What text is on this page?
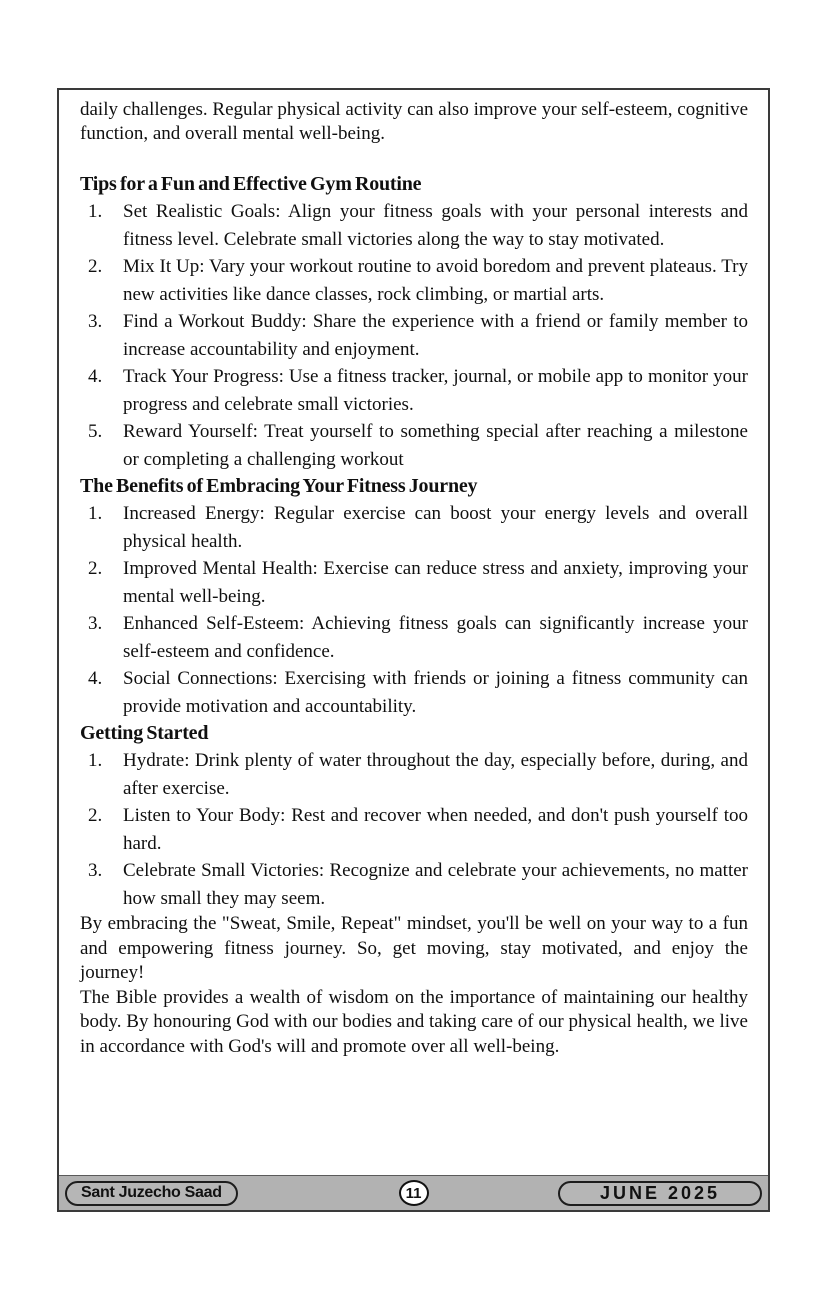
daily challenges. Regular physical activity can also improve your self-esteem, cognitive function, and overall mental well-being.

Tips for a Fun and Effective Gym Routine
1.	Set Realistic Goals: Align your fitness goals with your personal interests and fitness level. Celebrate small victories along the way to stay motivated.
2.	Mix It Up: Vary your workout routine to avoid boredom and prevent plateaus. Try new activities like dance classes, rock climbing, or martial arts.
3.	Find a Workout Buddy: Share the experience with a friend or family member to increase accountability and enjoyment.
4.	Track Your Progress: Use a fitness tracker, journal, or mobile app to monitor your progress and celebrate small victories.
5.	Reward Yourself: Treat yourself to something special after reaching a milestone or completing a challenging workout
The Benefits of Embracing Your Fitness Journey
1.	Increased Energy: Regular exercise can boost your energy levels and overall physical health.
2.	Improved Mental Health: Exercise can reduce stress and anxiety, improving your mental well-being.
3.	Enhanced Self-Esteem: Achieving fitness goals can significantly increase your self-esteem and confidence.
4.	Social Connections: Exercising with friends or joining a fitness community can provide motivation and accountability.
Getting Started
1.	Hydrate: Drink plenty of water throughout the day, especially before, during, and after exercise.
2.	Listen to Your Body: Rest and recover when needed, and don't push yourself too hard.
3.	Celebrate Small Victories: Recognize and celebrate your achievements, no matter how small they may seem.

By embracing the "Sweat, Smile, Repeat" mindset, you'll be well on your way to a fun and empowering fitness journey. So, get moving, stay motivated, and enjoy the journey!

The Bible provides a wealth of wisdom on the importance of maintaining our healthy body. By honouring God with our bodies and taking care of our physical health, we live in accordance with God's will and promote over all well-being.

Sant Juzecho Saad	11	JUNE 2025
